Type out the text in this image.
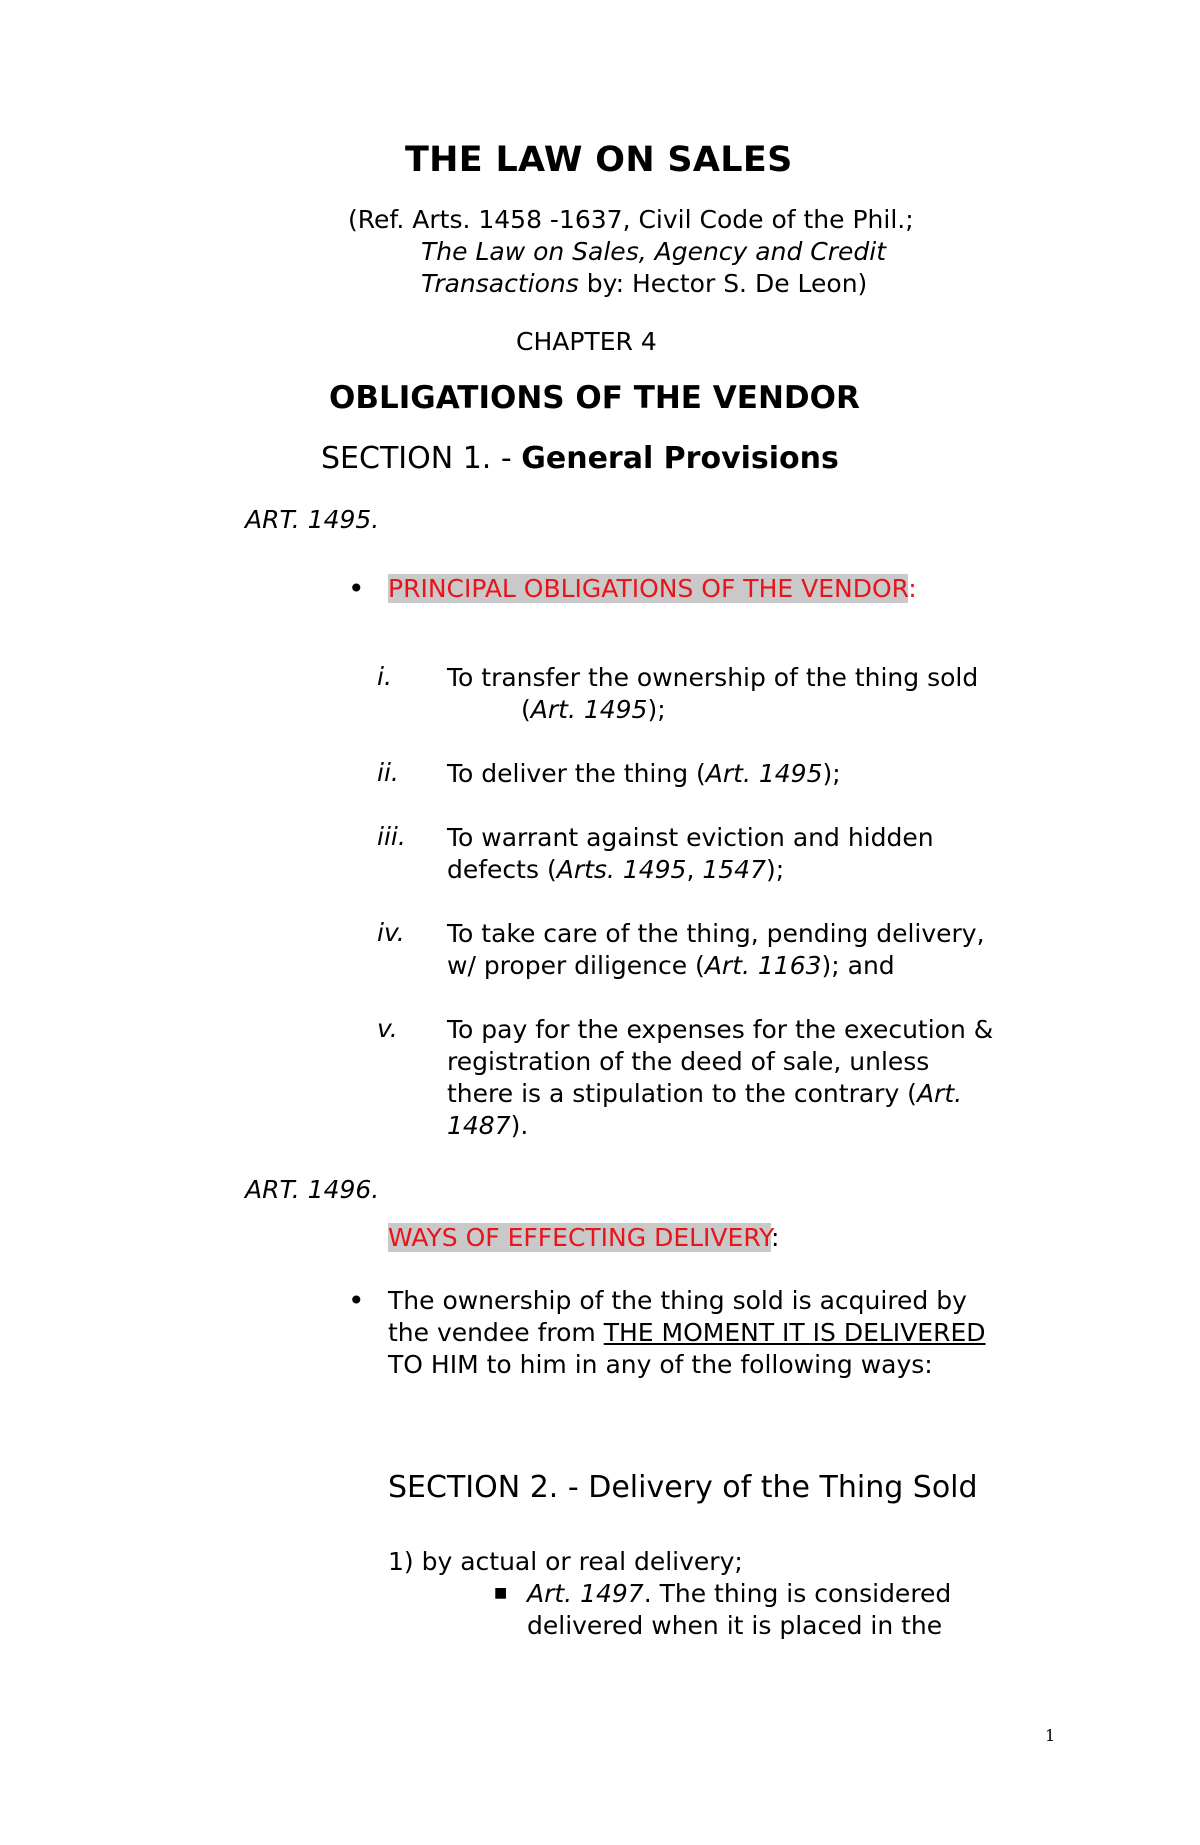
THE LAW ON SALES
(Ref. Arts. 1458 -1637, Civil Code of the Phil.;
The Law on Sales, Agency and Credit
Transactions by: Hector S. De Leon)
CHAPTER 4
OBLIGATIONS OF THE VENDOR
SECTION 1. - General Provisions
ART. 1495.
• PRINCIPAL OBLIGATIONS OF THE VENDOR:
i. To transfer the ownership of the thing sold
(Art. 1495);
ii. To deliver the thing (Art. 1495);
iii. To warrant against eviction and hidden
defects (Arts. 1495, 1547);
iv. To take care of the thing, pending delivery,
w/ proper diligence (Art. 1163); and
v. To pay for the expenses for the execution &
registration of the deed of sale, unless
there is a stipulation to the contrary (Art.
1487).
ART. 1496.
WAYS OF EFFECTING DELIVERY:
• The ownership of the thing sold is acquired by
the vendee from THE MOMENT IT IS DELIVERED
TO HIM to him in any of the following ways:
SECTION 2. - Delivery of the Thing Sold
1) by actual or real delivery;
■ Art. 1497. The thing is considered
delivered when it is placed in the
1
